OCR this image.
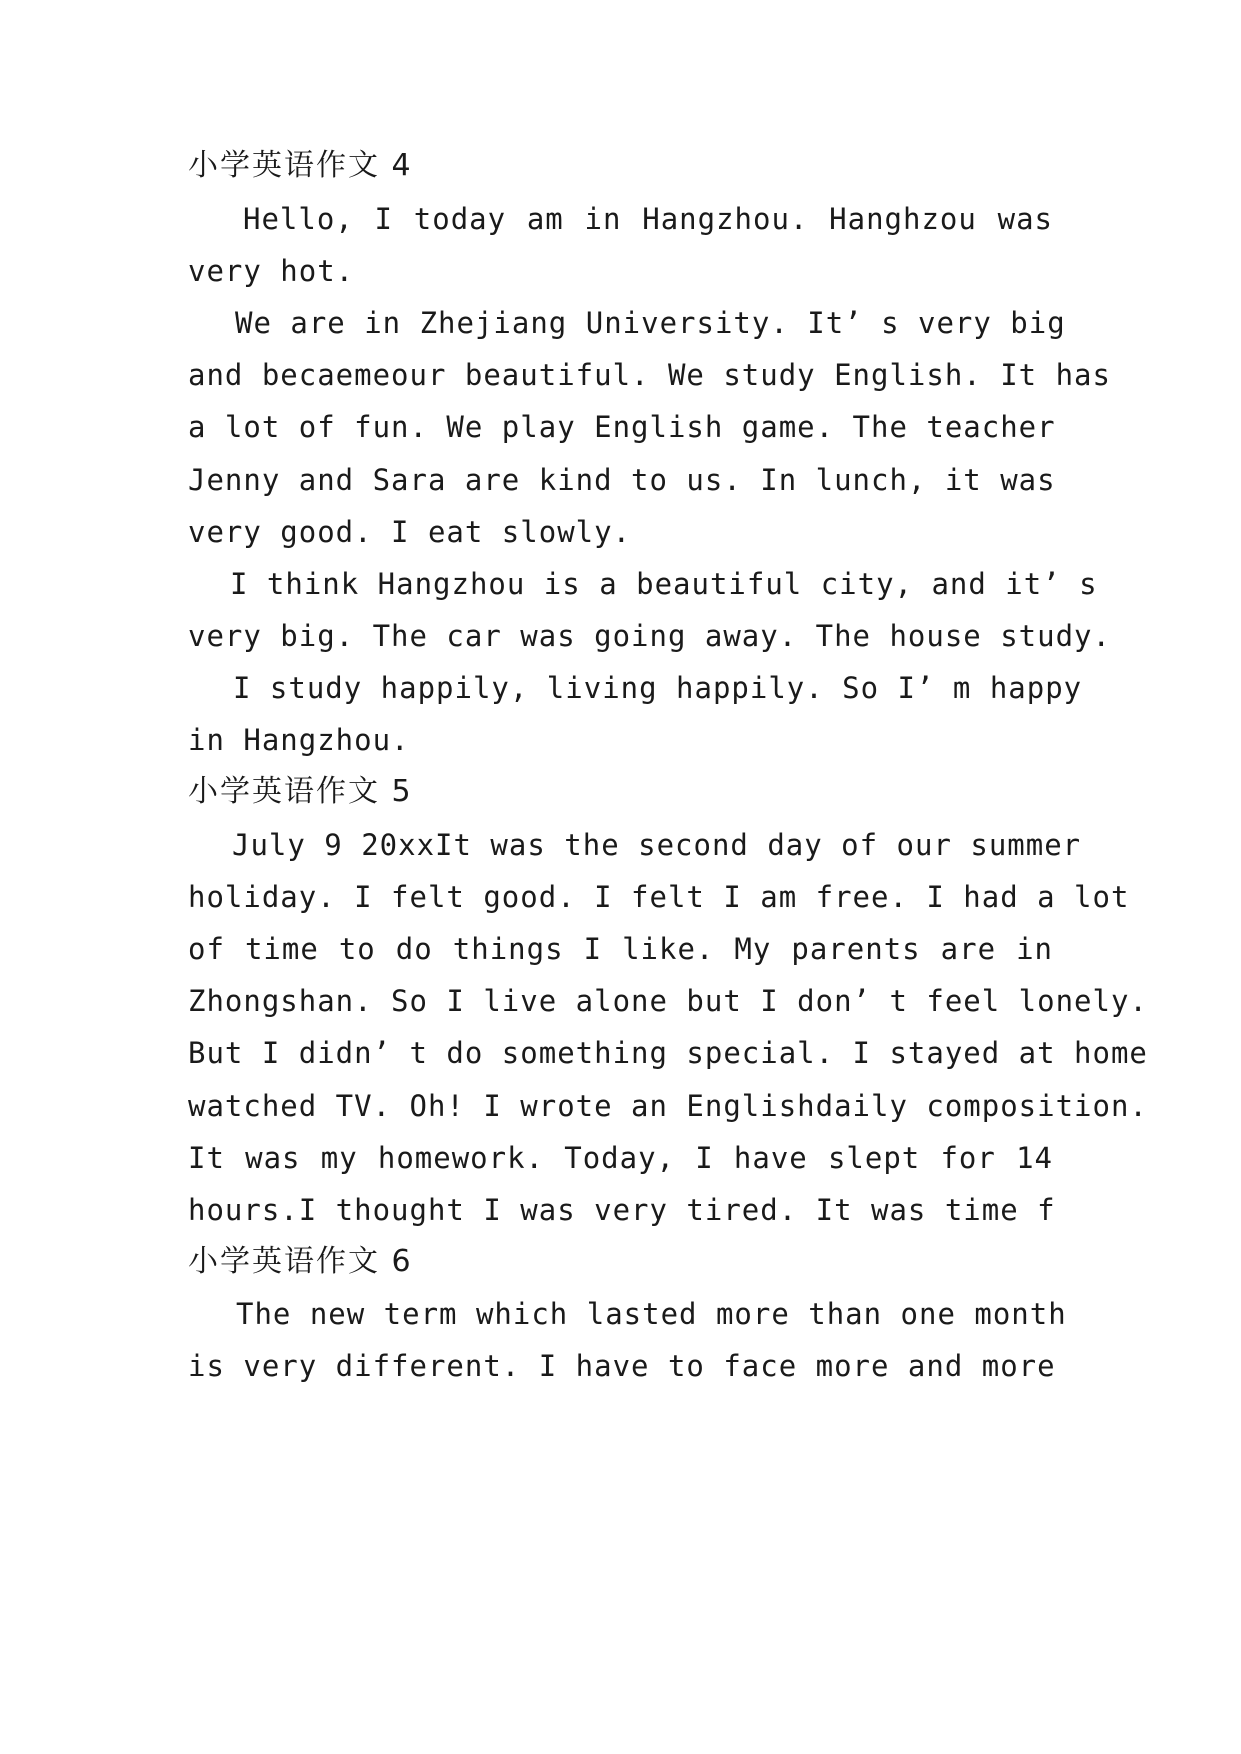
小学英语作文 4
Hello, I today am in Hangzhou. Hanghzou was
very hot.
We are in Zhejiang University. It’ s very big
and becaemeour beautiful. We study English. It has
a lot of fun. We play English game. The teacher
Jenny and Sara are kind to us. In lunch, it was
very good. I eat slowly.
I think Hangzhou is a beautiful city, and it’ s
very big. The car was going away. The house study.
I study happily, living happily. So I’ m happy
in Hangzhou.
小学英语作文 5
July 9 20xxIt was the second day of our summer
holiday. I felt good. I felt I am free. I had a lot
of time to do things I like. My parents are in
Zhongshan. So I live alone but I don’ t feel lonely.
But I didn’ t do something special. I stayed at home
watched TV. Oh! I wrote an Englishdaily composition.
It was my homework. Today, I have slept for 14
hours.I thought I was very tired. It was time f
小学英语作文 6
The new term which lasted more than one month
is very different. I have to face more and more
